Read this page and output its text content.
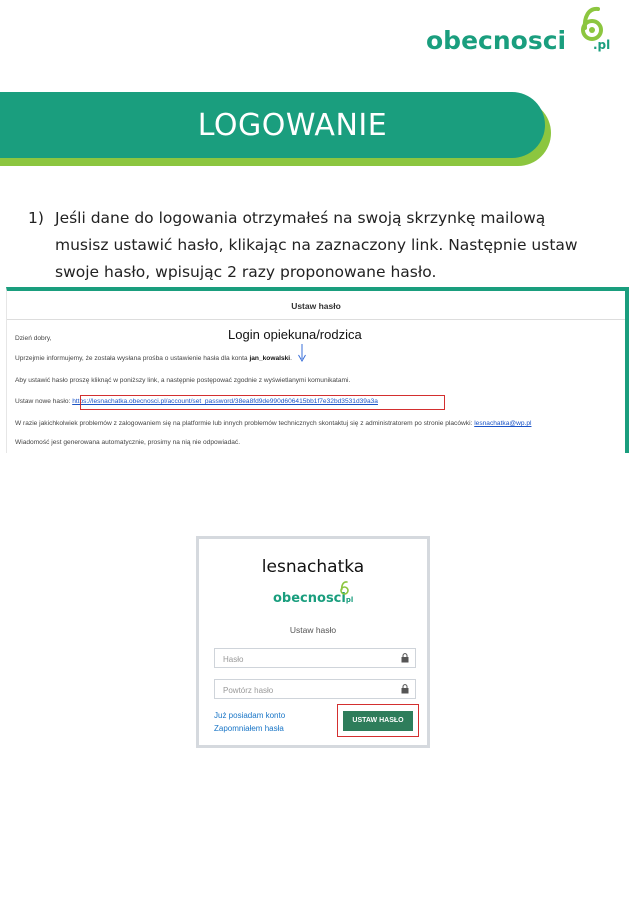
obecnosci .pl
LOGOWANIE
1) Jeśli dane do logowania otrzymałeś na swoją skrzynkę mailową
musisz ustawić hasło, klikając na zaznaczony link. Następnie ustaw
swoje hasło, wpisując 2 razy proponowane hasło.
Ustaw hasło
Dzień dobry,
Uprzejmie informujemy, że została wysłana prośba o ustawienie hasła dla konta jan_kowalski.
Aby ustawić hasło proszę kliknąć w poniższy link, a następnie postępować zgodnie z wyświetlanymi komunikatami.
Ustaw nowe hasło: https://lesnachatka.obecnosci.pl/account/set_password/38ea8fd9de990d606415bb1f7e32bd3531d39a3a
W razie jakichkolwiek problemów z zalogowaniem się na platformie lub innych problemów technicznych skontaktuj się z administratorem po stronie placówki: lesnachatka@wp.pl
Wiadomość jest generowana automatycznie, prosimy na nią nie odpowiadać.
Login opiekuna/rodzica
lesnachatka
obecnoscipl
Ustaw hasło
Już posiadam konto
Zapomniałem hasła
USTAW HASŁO
